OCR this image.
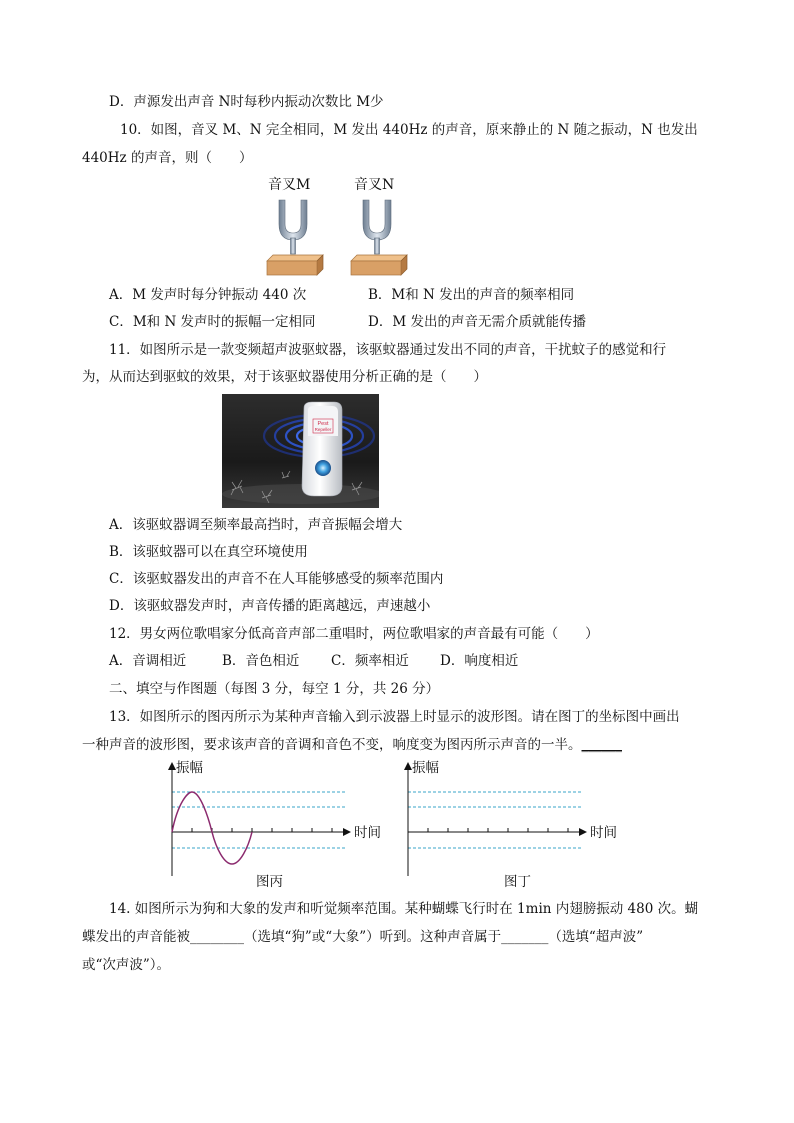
D．声源发出声音 N时每秒内振动次数比 M少
10．如图，音叉 M、N 完全相同，M 发出 440Hz 的声音，原来静止的 N 随之振动，N 也发出
440Hz 的声音，则（　　）
音叉M	音叉N
A．M 发声时每分钟振动 440 次	B．M和 N 发出的声音的频率相同
C．M和 N 发声时的振幅一定相同	D．M 发出的声音无需介质就能传播
11．如图所示是一款变频超声波驱蚊器，该驱蚊器通过发出不同的声音，干扰蚊子的感觉和行
为，从而达到驱蚊的效果，对于该驱蚊器使用分析正确的是（　　）
Pest
Repeller
A．该驱蚊器调至频率最高挡时，声音振幅会增大
B．该驱蚊器可以在真空环境使用
C．该驱蚊器发出的声音不在人耳能够感受的频率范围内
D．该驱蚊器发声时，声音传播的距离越远，声速越小
12．男女两位歌唱家分低高音声部二重唱时，两位歌唱家的声音最有可能（　　）
A．音调相近	B．音色相近 C．频率相近 D．响度相近
二、填空与作图题（每图 3 分，每空 1 分，共 26 分）
13．如图所示的图丙所示为某种声音输入到示波器上时显示的波形图。请在图丁的坐标图中画出
一种声音的波形图，要求该声音的音调和音色不变，响度变为图丙所示声音的一半。______
振幅
时间
图丙
振幅
时间
图丁
14. 如图所示为狗和大象的发声和听觉频率范围。某种蝴蝶飞行时在 1min 内翅膀振动 480 次。蝴
蝶发出的声音能被________（选填“狗”或“大象”）听到。这种声音属于_______（选填“超声波”
或“次声波”）。
